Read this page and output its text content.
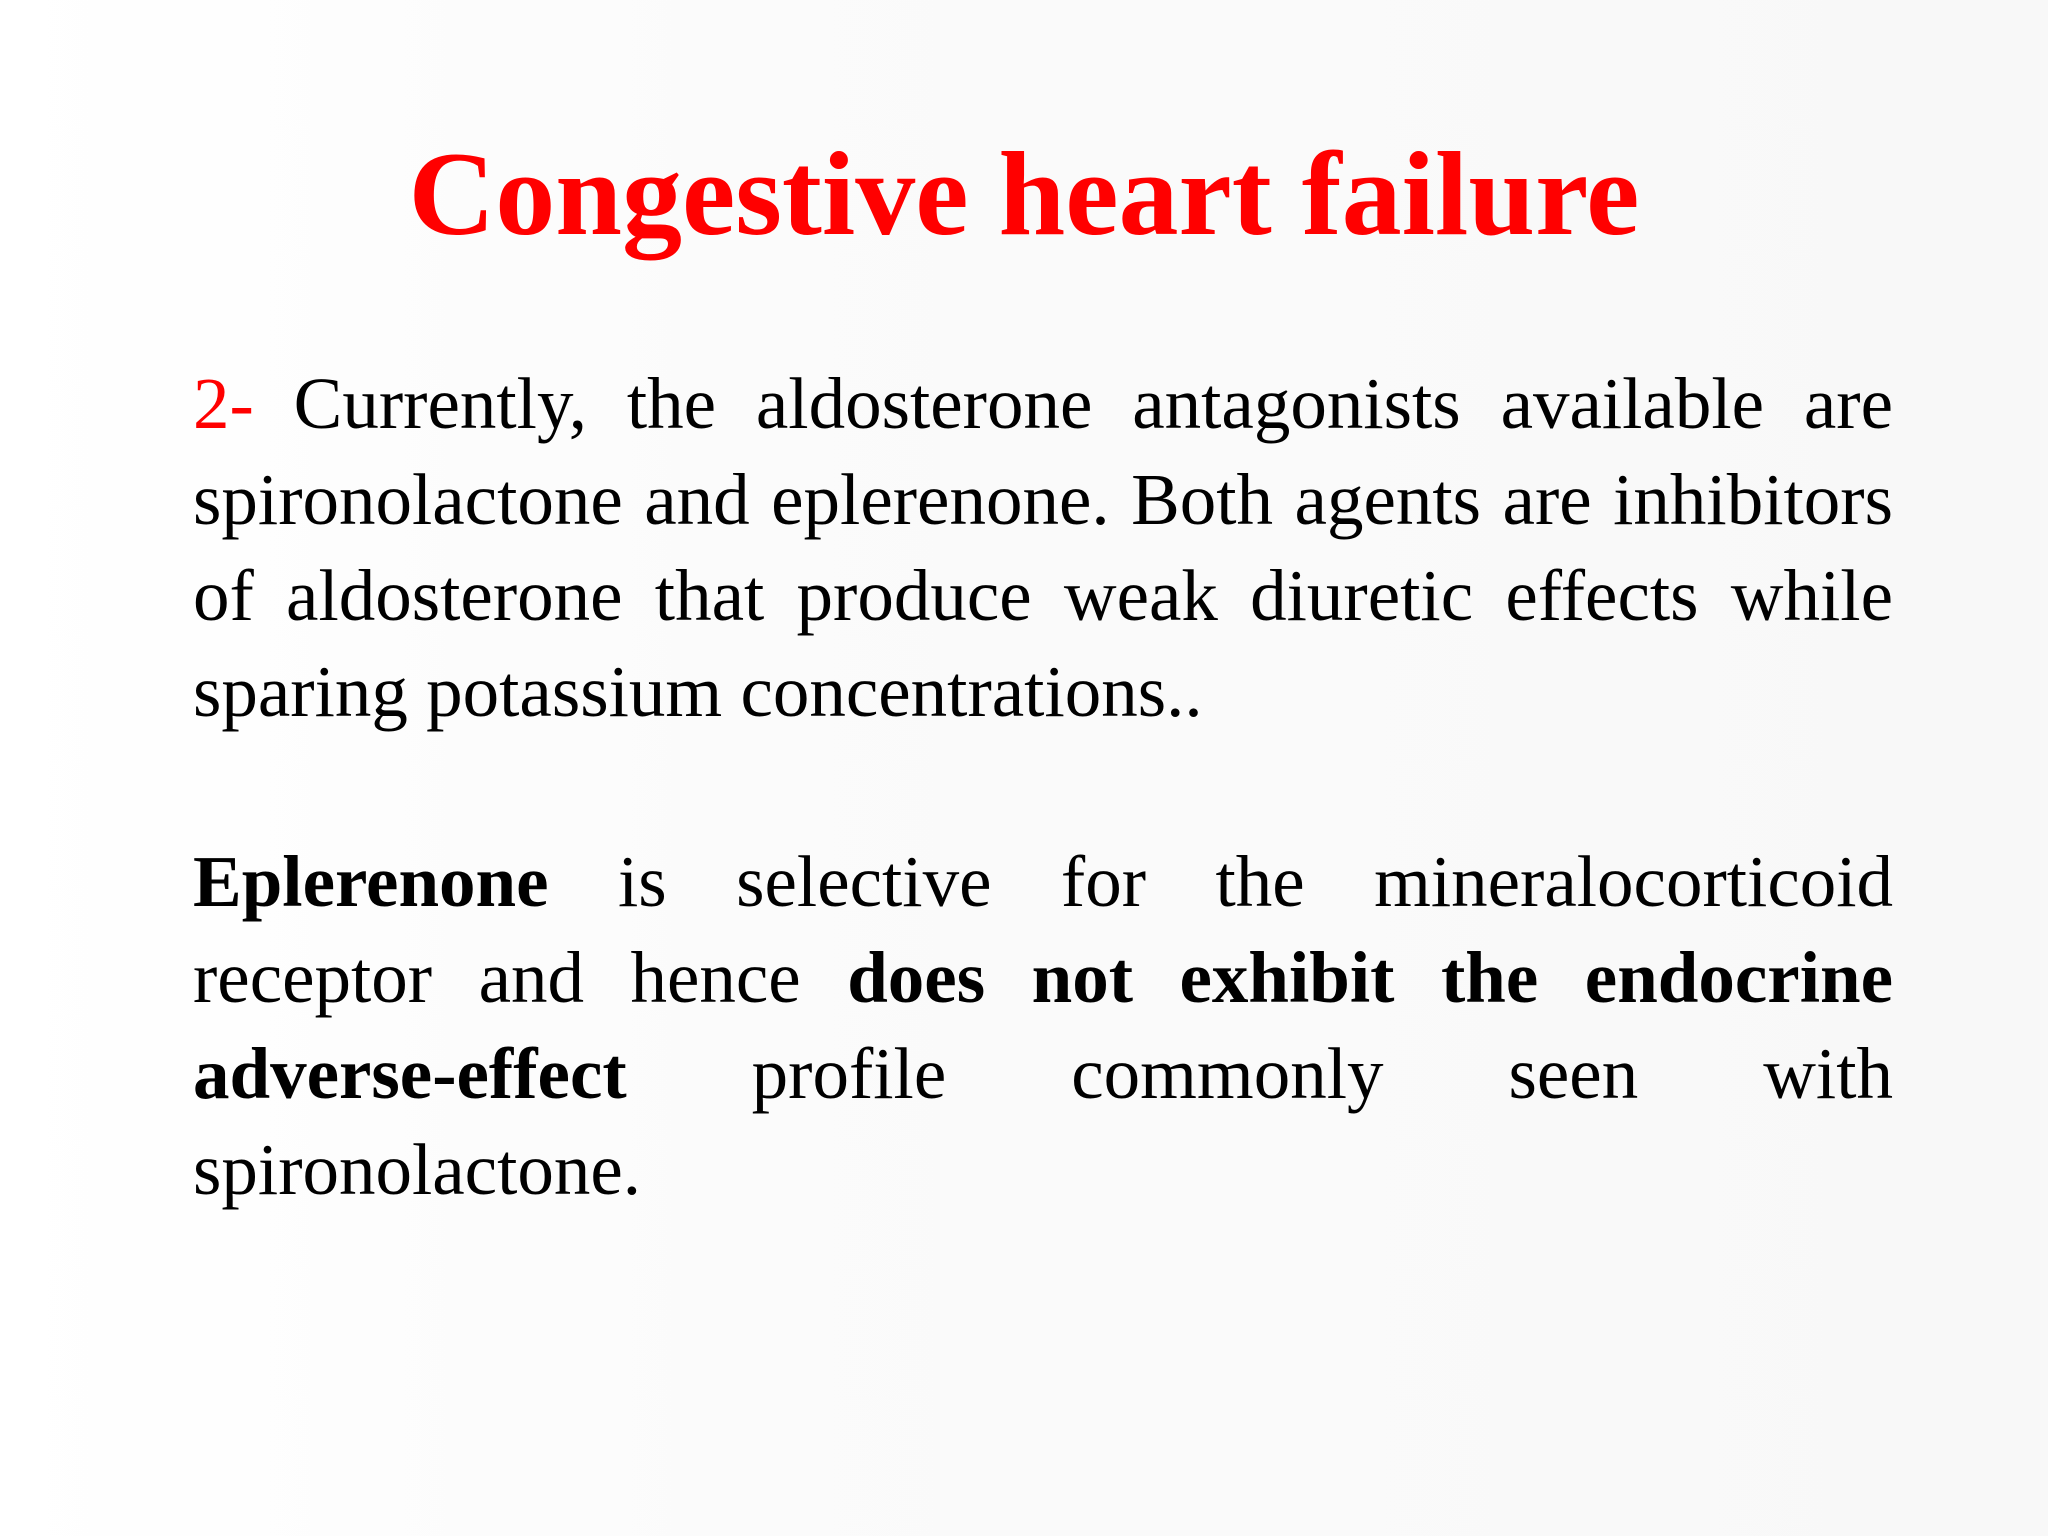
Congestive heart failure

2- Currently, the aldosterone antagonists available are spironolactone and eplerenone. Both agents are inhibitors of aldosterone that produce weak diuretic effects while sparing potassium concentrations..

Eplerenone is selective for the mineralocorticoid receptor and hence does not exhibit the endocrine adverse-effect profile commonly seen with spironolactone.
